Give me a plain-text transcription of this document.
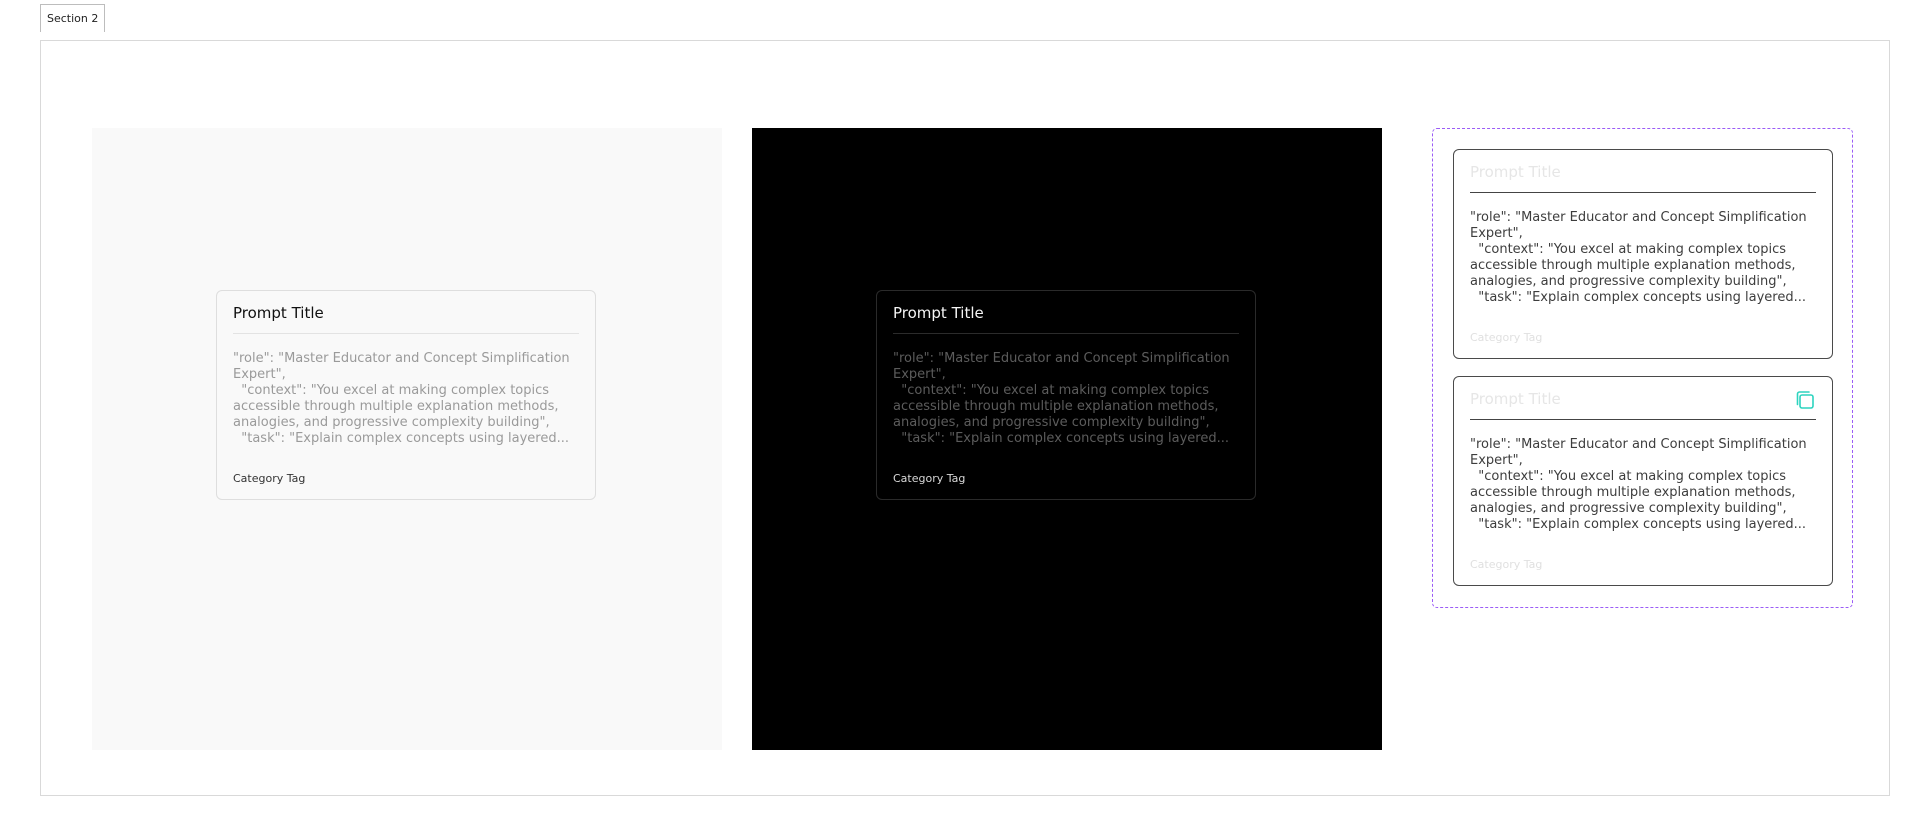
Section 2
Prompt Title
"role": "Master Educator and Concept Simplification Expert",
"context": "You excel at making complex topics accessible through multiple explanation methods, analogies, and progressive complexity building",
"task": "Explain complex concepts using layered...
Category Tag
Prompt Title
"role": "Master Educator and Concept Simplification Expert",
"context": "You excel at making complex topics accessible through multiple explanation methods, analogies, and progressive complexity building",
"task": "Explain complex concepts using layered...
Category Tag
Prompt Title
"role": "Master Educator and Concept Simplification Expert",
"context": "You excel at making complex topics accessible through multiple explanation methods, analogies, and progressive complexity building",
"task": "Explain complex concepts using layered...
Category Tag
Prompt Title
"role": "Master Educator and Concept Simplification Expert",
"context": "You excel at making complex topics accessible through multiple explanation methods, analogies, and progressive complexity building",
"task": "Explain complex concepts using layered...
Category Tag
